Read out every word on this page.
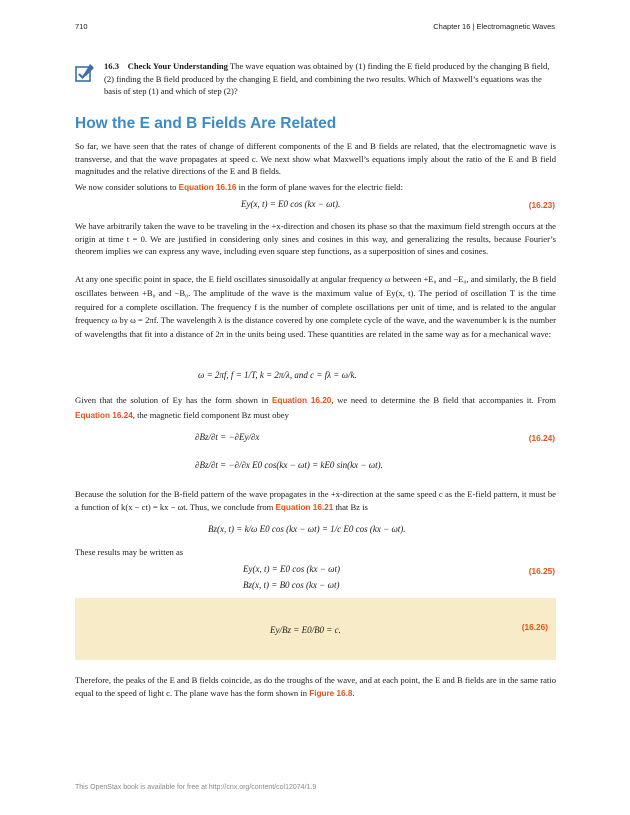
710	Chapter 16 | Electromagnetic Waves
16.3 Check Your Understanding The wave equation was obtained by (1) finding the E field produced by the changing B field, (2) finding the B field produced by the changing E field, and combining the two results. Which of Maxwell’s equations was the basis of step (1) and which of step (2)?
How the E and B Fields Are Related
So far, we have seen that the rates of change of different components of the E and B fields are related, that the electromagnetic wave is transverse, and that the wave propagates at speed c. We next show what Maxwell’s equations imply about the ratio of the E and B field magnitudes and the relative directions of the E and B fields.
We now consider solutions to Equation 16.16 in the form of plane waves for the electric field:
Ey(x, t) = E0 cos (kx − ωt).	(16.23)
We have arbitrarily taken the wave to be traveling in the +x-direction and chosen its phase so that the maximum field strength occurs at the origin at time t = 0. We are justified in considering only sines and cosines in this way, and generalizing the results, because Fourier’s theorem implies we can express any wave, including even square step functions, as a superposition of sines and cosines.
At any one specific point in space, the E field oscillates sinusoidally at angular frequency ω between +E₀ and −E₀, and similarly, the B field oscillates between +B₀ and −B₀. The amplitude of the wave is the maximum value of Ey(x, t). The period of oscillation T is the time required for a complete oscillation. The frequency f is the number of complete oscillations per unit of time, and is related to the angular frequency ω by ω = 2πf. The wavelength λ is the distance covered by one complete cycle of the wave, and the wavenumber k is the number of wavelengths that fit into a distance of 2π in the units being used. These quantities are related in the same way as for a mechanical wave:
ω = 2πf, f = 1/T, k = 2π/λ, and c = fλ = ω/k.
Given that the solution of Ey has the form shown in Equation 16.20, we need to determine the B field that accompanies it. From Equation 16.24, the magnetic field component Bz must obey
∂Bz/∂t = −∂Ey/∂x	(16.24)
∂Bz/∂t = −∂/∂x E0 cos(kx − ωt) = kE0 sin(kx − ωt).
Because the solution for the B-field pattern of the wave propagates in the +x-direction at the same speed c as the E-field pattern, it must be a function of k(x − ct) = kx − ωt. Thus, we conclude from Equation 16.21 that Bz is
Bz(x, t) = k/ω E0 cos (kx − ωt) = 1/c E0 cos (kx − ωt).
These results may be written as
Ey(x, t) = E0 cos (kx − ωt)	(16.25)
Bz(x, t) = B0 cos (kx − ωt)
Ey/Bz = E0/B0 = c.	(16.26)
Therefore, the peaks of the E and B fields coincide, as do the troughs of the wave, and at each point, the E and B fields are in the same ratio equal to the speed of light c. The plane wave has the form shown in Figure 16.8.
This OpenStax book is available for free at http://cnx.org/content/col12074/1.9
